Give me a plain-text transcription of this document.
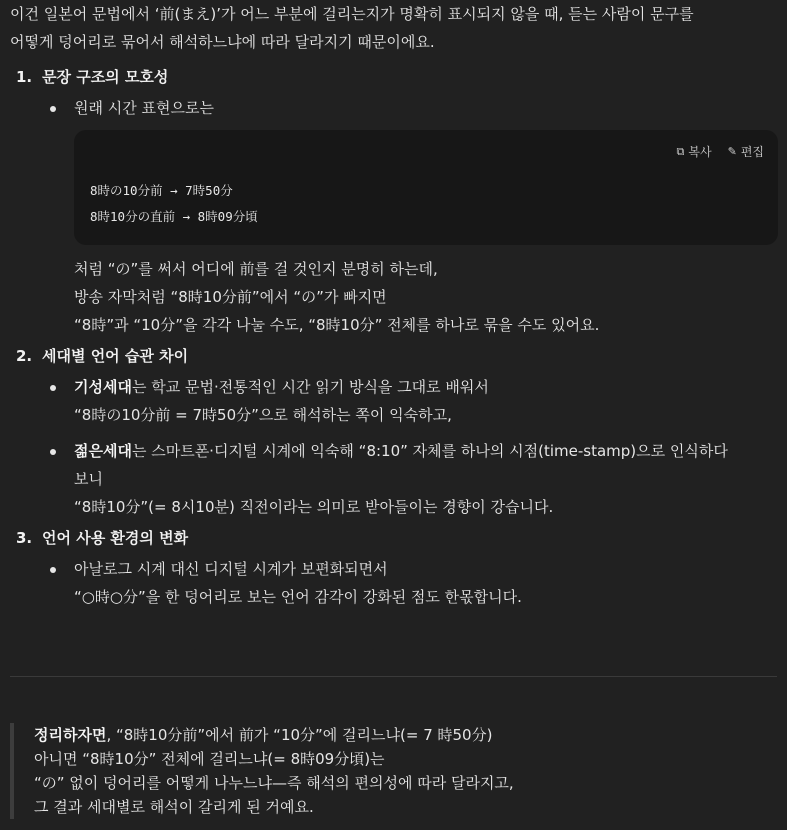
이건 일본어 문법에서 ‘前(まえ)’가 어느 부분에 걸리는지가 명확히 표시되지 않을 때, 듣는 사람이 문구를
어떻게 덩어리로 묶어서 해석하느냐에 따라 달라지기 때문이에요.

1. 문장 구조의 모호성
원래 시간 표현으로는
⧉ 복사 ✎ 편집
8時の10分前 → 7時50分
8時10分の直前 → 8時09分頃
처럼 “の”를 써서 어디에 前를 걸 것인지 분명히 하는데,
방송 자막처럼 “8時10分前”에서 “の”가 빠지면
“8時”과 “10分”을 각각 나눌 수도, “8時10分” 전체를 하나로 묶을 수도 있어요.
2. 세대별 언어 습관 차이
기성세대는 학교 문법·전통적인 시간 읽기 방식을 그대로 배워서
“8時の10分前 = 7時50分”으로 해석하는 쪽이 익숙하고,
젊은세대는 스마트폰·디지털 시계에 익숙해 “8:10” 자체를 하나의 시점(time-stamp)으로 인식하다
보니
“8時10分”(= 8시10분) 직전이라는 의미로 받아들이는 경향이 강습니다.
3. 언어 사용 환경의 변화
아날로그 시계 대신 디지털 시계가 보편화되면서
“○時○分”을 한 덩어리로 보는 언어 감각이 강화된 점도 한몫합니다.
정리하자면, “8時10分前”에서 前가 “10分”에 걸리느냐(= 7 時50分)
아니면 “8時10分” 전체에 걸리느냐(= 8時09分頃)는
“の” 없이 덩어리를 어떻게 나누느냐—즉 해석의 편의성에 따라 달라지고,
그 결과 세대별로 해석이 갈리게 된 거예요.
